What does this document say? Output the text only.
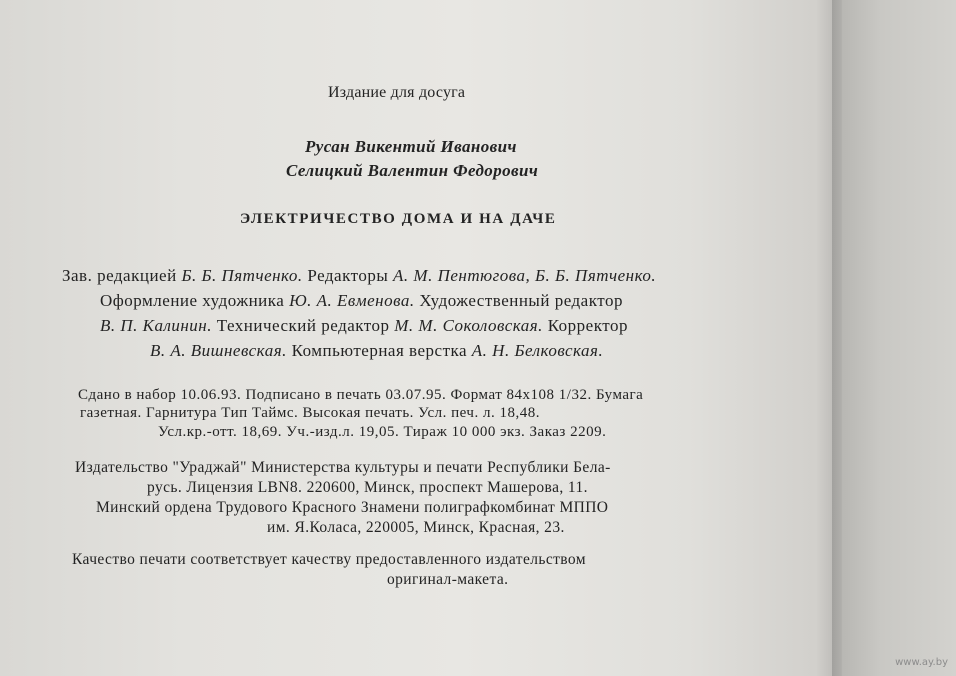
Издание для досуга
Русан Викентий Иванович
Селицкий Валентин Федорович
ЭЛЕКТРИЧЕСТВО ДОМА И НА ДАЧЕ
Зав. редакцией Б. Б. Пятченко. Редакторы А. М. Пентюгова, Б. Б. Пятченко.
Оформление художника Ю. А. Евменова. Художественный редактор
В. П. Калинин. Технический редактор М. М. Соколовская. Корректор
В. А. Вишневская. Компьютерная верстка А. Н. Белковская.
Сдано в набор 10.06.93. Подписано в печать 03.07.95. Формат 84x108 1/32. Бумага
газетная. Гарнитура Тип Таймс. Высокая печать. Усл. печ. л. 18,48.
Усл.кр.-отт. 18,69. Уч.-изд.л. 19,05. Тираж 10 000 экз. Заказ 2209.
Издательство "Ураджай" Министерства культуры и печати Республики Бела-
русь. Лицензия LBN8. 220600, Минск, проспект Машерова, 11.
Минский ордена Трудового Красного Знамени полиграфкомбинат МППО
им. Я.Колаcа, 220005, Минск, Красная, 23.
Качество печати соответствует качеству предоставленного издательством
оригинал-макета.
www.ay.by
